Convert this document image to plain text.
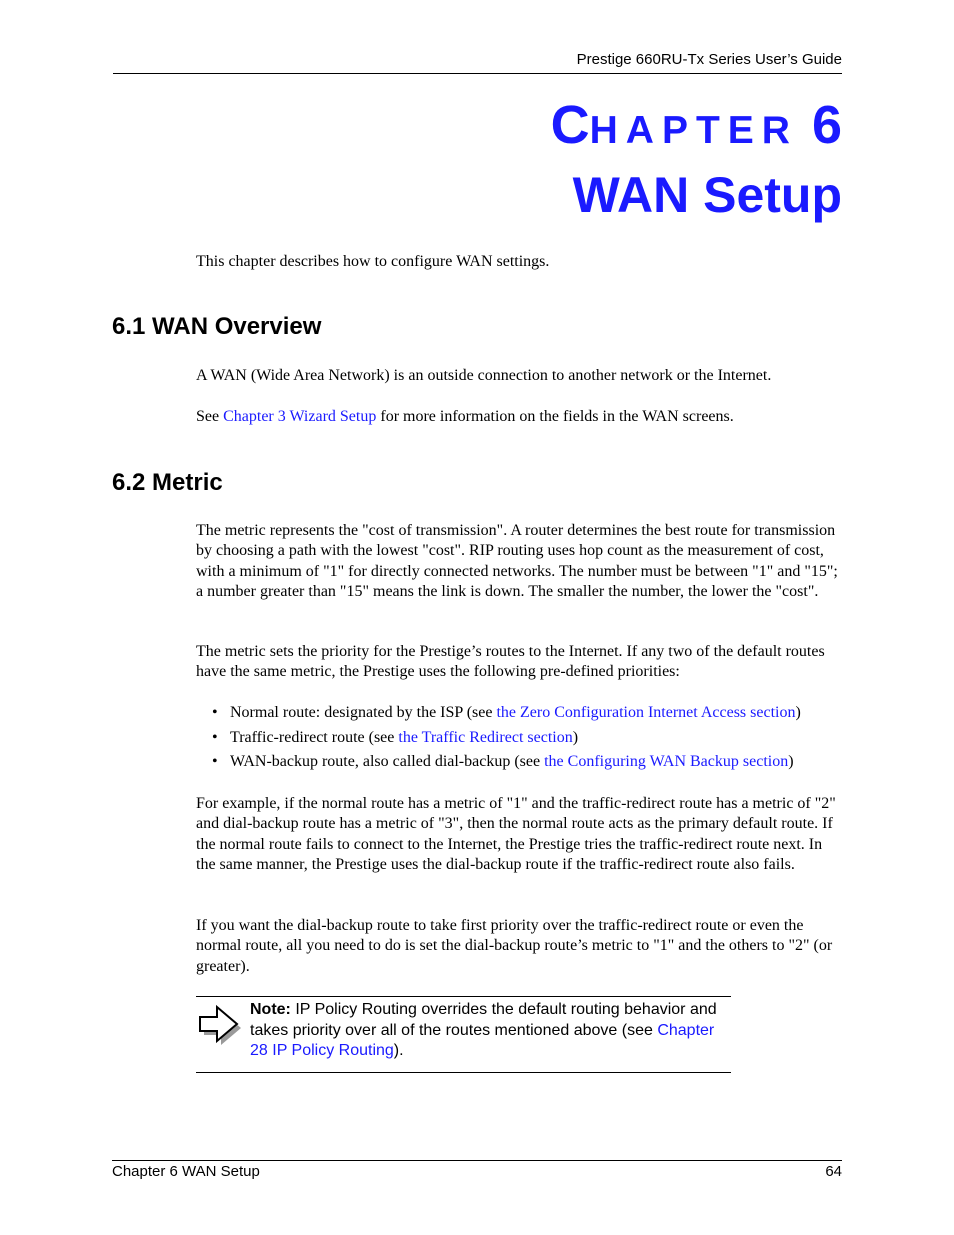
Prestige 660RU-Tx Series User’s Guide
CHAPTER 6
WAN Setup
This chapter describes how to configure WAN settings.
6.1 WAN Overview
A WAN (Wide Area Network) is an outside connection to another network or the Internet.
See Chapter 3 Wizard Setup for more information on the fields in the WAN screens.
6.2 Metric
The metric represents the "cost of transmission". A router determines the best route for transmission by choosing a path with the lowest "cost". RIP routing uses hop count as the measurement of cost, with a minimum of "1" for directly connected networks. The number must be between "1" and "15"; a number greater than "15" means the link is down. The smaller the number, the lower the "cost".
The metric sets the priority for the Prestige’s routes to the Internet. If any two of the default routes have the same metric, the Prestige uses the following pre-defined priorities:
• Normal route: designated by the ISP (see the Zero Configuration Internet Access section)
• Traffic-redirect route (see the Traffic Redirect section)
• WAN-backup route, also called dial-backup (see the Configuring WAN Backup section)
For example, if the normal route has a metric of "1" and the traffic-redirect route has a metric of "2" and dial-backup route has a metric of "3", then the normal route acts as the primary default route. If the normal route fails to connect to the Internet, the Prestige tries the traffic-redirect route next. In the same manner, the Prestige uses the dial-backup route if the traffic-redirect route also fails.
If you want the dial-backup route to take first priority over the traffic-redirect route or even the normal route, all you need to do is set the dial-backup route’s metric to "1" and the others to "2" (or greater).
Note: IP Policy Routing overrides the default routing behavior and takes priority over all of the routes mentioned above (see Chapter 28 IP Policy Routing).
Chapter 6 WAN Setup	64
